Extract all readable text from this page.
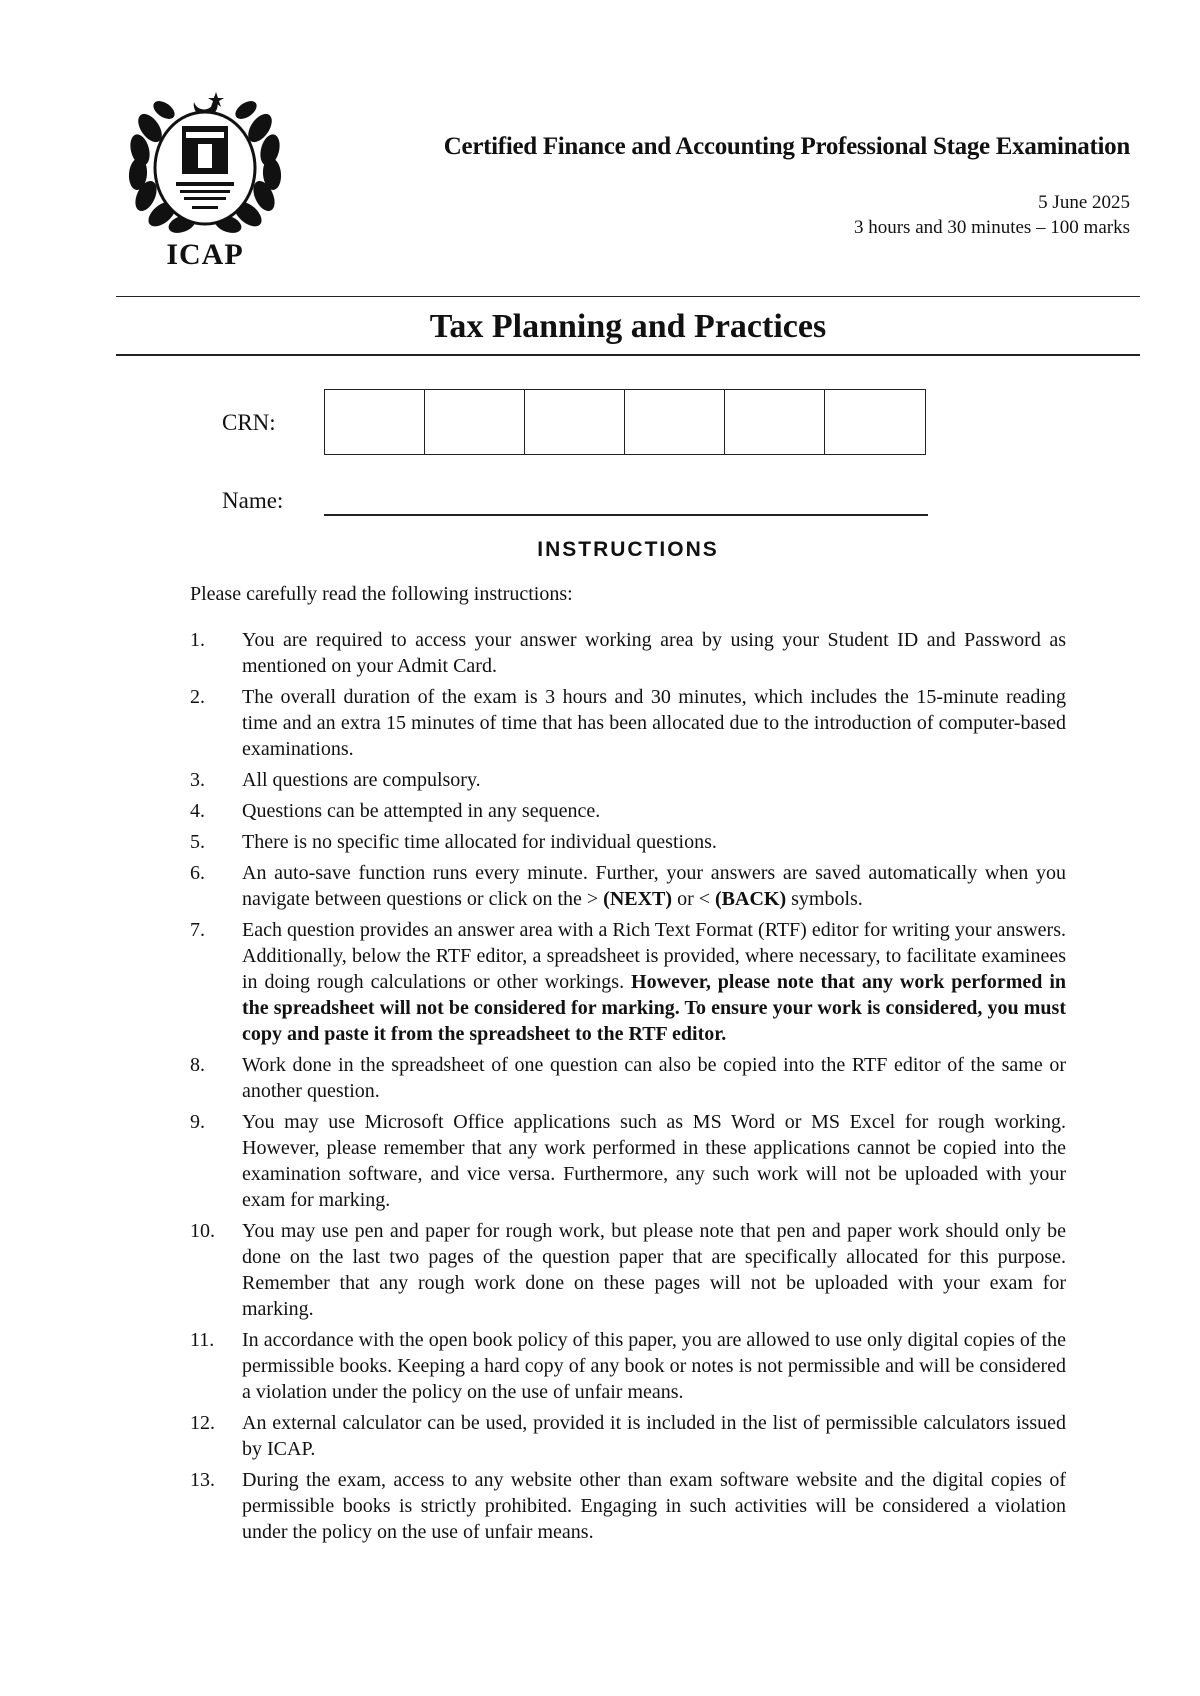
ICAP
Certified Finance and Accounting Professional Stage Examination
5 June 2025
3 hours and 30 minutes – 100 marks
Tax Planning and Practices
CRN:
Name:
INSTRUCTIONS
Please carefully read the following instructions:
1.	You are required to access your answer working area by using your Student ID and Password as mentioned on your Admit Card.
2.	The overall duration of the exam is 3 hours and 30 minutes, which includes the 15-minute reading time and an extra 15 minutes of time that has been allocated due to the introduction of computer-based examinations.
3.	All questions are compulsory.
4.	Questions can be attempted in any sequence.
5.	There is no specific time allocated for individual questions.
6.	An auto-save function runs every minute. Further, your answers are saved automatically when you navigate between questions or click on the > (NEXT) or < (BACK) symbols.
7.	Each question provides an answer area with a Rich Text Format (RTF) editor for writing your answers. Additionally, below the RTF editor, a spreadsheet is provided, where necessary, to facilitate examinees in doing rough calculations or other workings. However, please note that any work performed in the spreadsheet will not be considered for marking. To ensure your work is considered, you must copy and paste it from the spreadsheet to the RTF editor.
8.	Work done in the spreadsheet of one question can also be copied into the RTF editor of the same or another question.
9.	You may use Microsoft Office applications such as MS Word or MS Excel for rough working. However, please remember that any work performed in these applications cannot be copied into the examination software, and vice versa. Furthermore, any such work will not be uploaded with your exam for marking.
10.	You may use pen and paper for rough work, but please note that pen and paper work should only be done on the last two pages of the question paper that are specifically allocated for this purpose. Remember that any rough work done on these pages will not be uploaded with your exam for marking.
11.	In accordance with the open book policy of this paper, you are allowed to use only digital copies of the permissible books. Keeping a hard copy of any book or notes is not permissible and will be considered a violation under the policy on the use of unfair means.
12.	An external calculator can be used, provided it is included in the list of permissible calculators issued by ICAP.
13.	During the exam, access to any website other than exam software website and the digital copies of permissible books is strictly prohibited. Engaging in such activities will be considered a violation under the policy on the use of unfair means.
